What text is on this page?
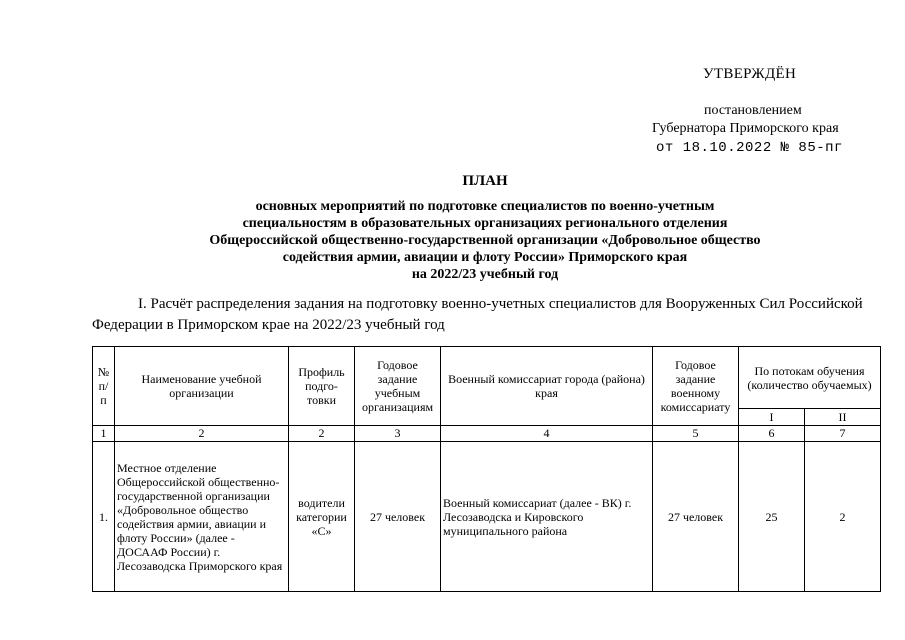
УТВЕРЖДЁН
постановлением
Губернатора Приморского края
от 18.10.2022 № 85-пг
ПЛАН
основных мероприятий по подготовке специалистов по военно-учетным
специальностям в образовательных организациях регионального отделения
Общероссийской общественно-государственной организации «Добровольное общество
содействия армии, авиации и флоту России» Приморского края
на 2022/23 учебный год
I. Расчёт распределения задания на подготовку военно-учетных специалистов для Вооруженных Сил Российской Федерации в Приморском крае на 2022/23 учебный год
№ п/ п	Наименование учебной организации	Профиль подго- товки	Годовое задание учебным организациям	Военный комиссариат города (района) края	Годовое задание военному комиссариату	По потокам обучения (количество обучаемых)	
						I	II
1	2	2	3	4	5	6	7
1.	Местное отделение Общероссийской общественно-государственной организации «Добровольное общество содействия армии, авиации и флоту России» (далее - ДОСААФ России) г. Лесозаводска Приморского края	водители категории «С»	27 человек	Военный комиссариат (далее - ВК) г. Лесозаводска и Кировского муниципального района	27 человек	25	2
